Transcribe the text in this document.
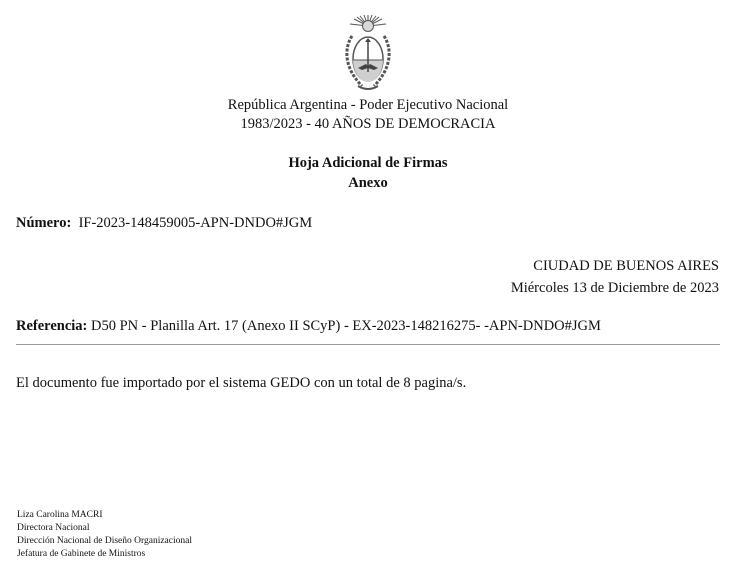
República Argentina - Poder Ejecutivo Nacional
1983/2023 - 40 AÑOS DE DEMOCRACIA
Hoja Adicional de Firmas
Anexo
Número: IF-2023-148459005-APN-DNDO#JGM
CIUDAD DE BUENOS AIRES
Miércoles 13 de Diciembre de 2023
Referencia: D50 PN - Planilla Art. 17 (Anexo II SCyP) - EX-2023-148216275- -APN-DNDO#JGM
El documento fue importado por el sistema GEDO con un total de 8 pagina/s.
Liza Carolina MACRI
Directora Nacional
Dirección Nacional de Diseño Organizacional
Jefatura de Gabinete de Ministros
